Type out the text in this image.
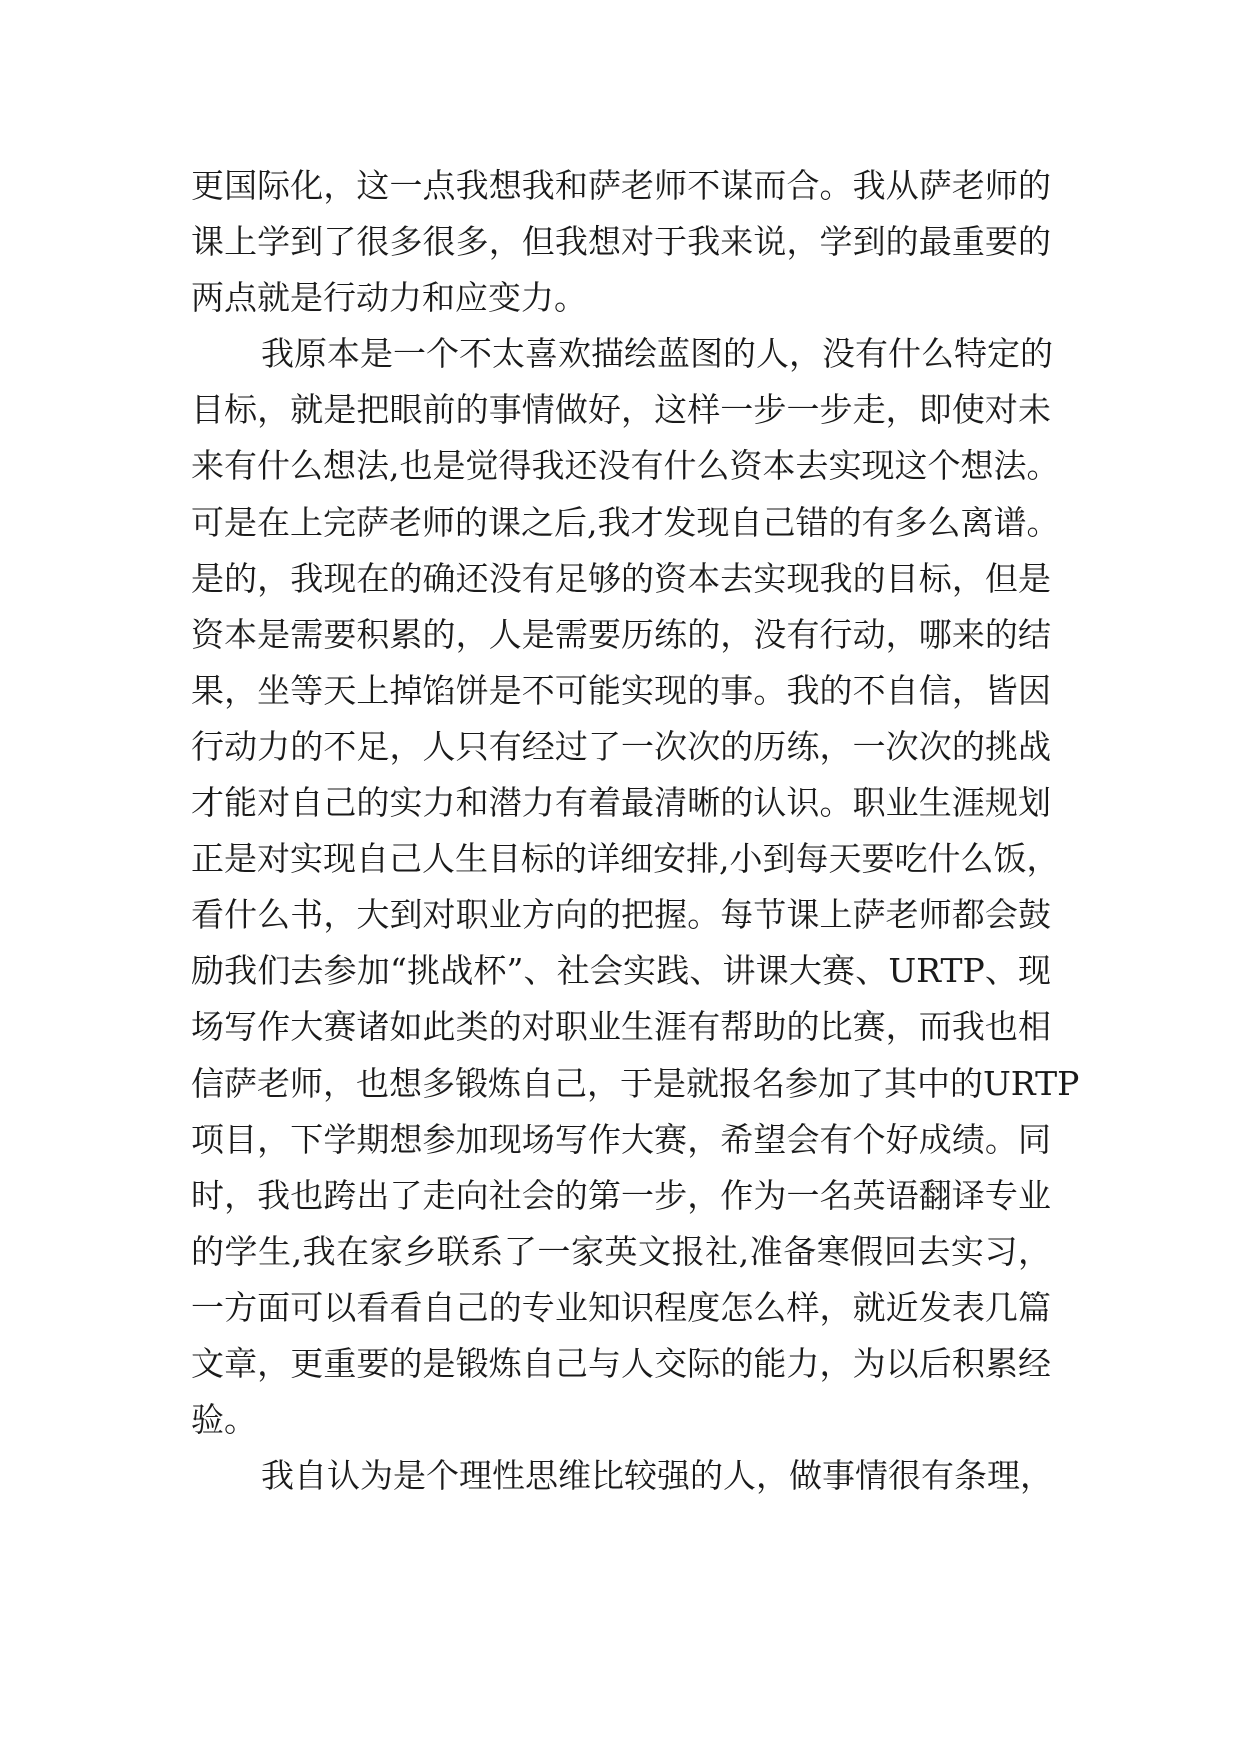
更国际化，这一点我想我和萨老师不谋而合。我从萨老师的
课上学到了很多很多，但我想对于我来说，学到的最重要的
两点就是行动力和应变力。
我原本是一个不太喜欢描绘蓝图的人，没有什么特定的
目标，就是把眼前的事情做好，这样一步一步走，即使对未
来有什么想法,也是觉得我还没有什么资本去实现这个想法。
可是在上完萨老师的课之后,我才发现自己错的有多么离谱。
是的，我现在的确还没有足够的资本去实现我的目标，但是
资本是需要积累的，人是需要历练的，没有行动，哪来的结
果，坐等天上掉馅饼是不可能实现的事。我的不自信，皆因
行动力的不足，人只有经过了一次次的历练，一次次的挑战
才能对自己的实力和潜力有着最清晰的认识。职业生涯规划
正是对实现自己人生目标的详细安排,小到每天要吃什么饭，
看什么书，大到对职业方向的把握。每节课上萨老师都会鼓
励我们去参加“挑战杯”、社会实践、讲课大赛、URTP、现
场写作大赛诸如此类的对职业生涯有帮助的比赛，而我也相
信萨老师，也想多锻炼自己，于是就报名参加了其中的URTP
项目，下学期想参加现场写作大赛，希望会有个好成绩。同
时，我也跨出了走向社会的第一步，作为一名英语翻译专业
的学生,我在家乡联系了一家英文报社,准备寒假回去实习，
一方面可以看看自己的专业知识程度怎么样，就近发表几篇
文章，更重要的是锻炼自己与人交际的能力，为以后积累经
验。
我自认为是个理性思维比较强的人，做事情很有条理，
